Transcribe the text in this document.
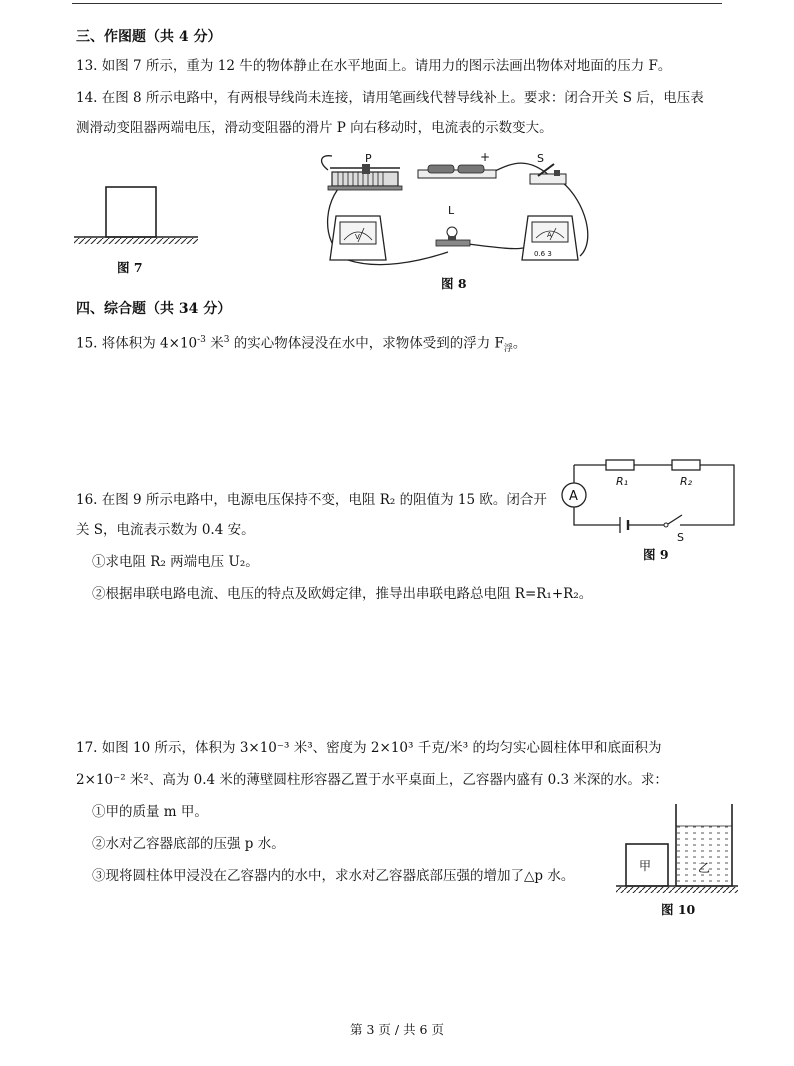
三、作图题（共 4 分）
13. 如图 7 所示，重为 12 牛的物体静止在水平地面上。请用力的图示法画出物体对地面的压力 F。
14. 在图 8 所示电路中，有两根导线尚未连接，请用笔画线代替导线补上。要求：闭合开关 S 后，电压表
测滑动变阻器两端电压，滑动变阻器的滑片 P 向右移动时，电流表的示数变大。
图 7
P	+	S
V
L
A
0.6 3
图 8
四、综合题（共 34 分）
15. 将体积为 $4\times 10^{-3}$ 米$^3$ 的实心物体浸没在水中，求物体受到的浮力 $F_浮$。
16. 在图 9 所示电路中，电源电压保持不变，电阻 R₂ 的阻值为 15 欧。闭合开
关 S，电流表示数为 0.4 安。
①求电阻 R₂ 两端电压 U₂。
②根据串联电路电流、电压的特点及欧姆定律，推导出串联电路总电阻 R=R₁+R₂。
A
R₁	R₂
S
图 9
17. 如图 10 所示，体积为 3×10⁻³ 米³、密度为 2×10³ 千克/米³ 的均匀实心圆柱体甲和底面积为
2×10⁻² 米²、高为 0.4 米的薄壁圆柱形容器乙置于水平桌面上，乙容器内盛有 0.3 米深的水。求：
①甲的质量 m 甲。
②水对乙容器底部的压强 p 水。
③现将圆柱体甲浸没在乙容器内的水中，求水对乙容器底部压强的增加了△p 水。
甲	乙
图 10
第 3 页 / 共 6 页
